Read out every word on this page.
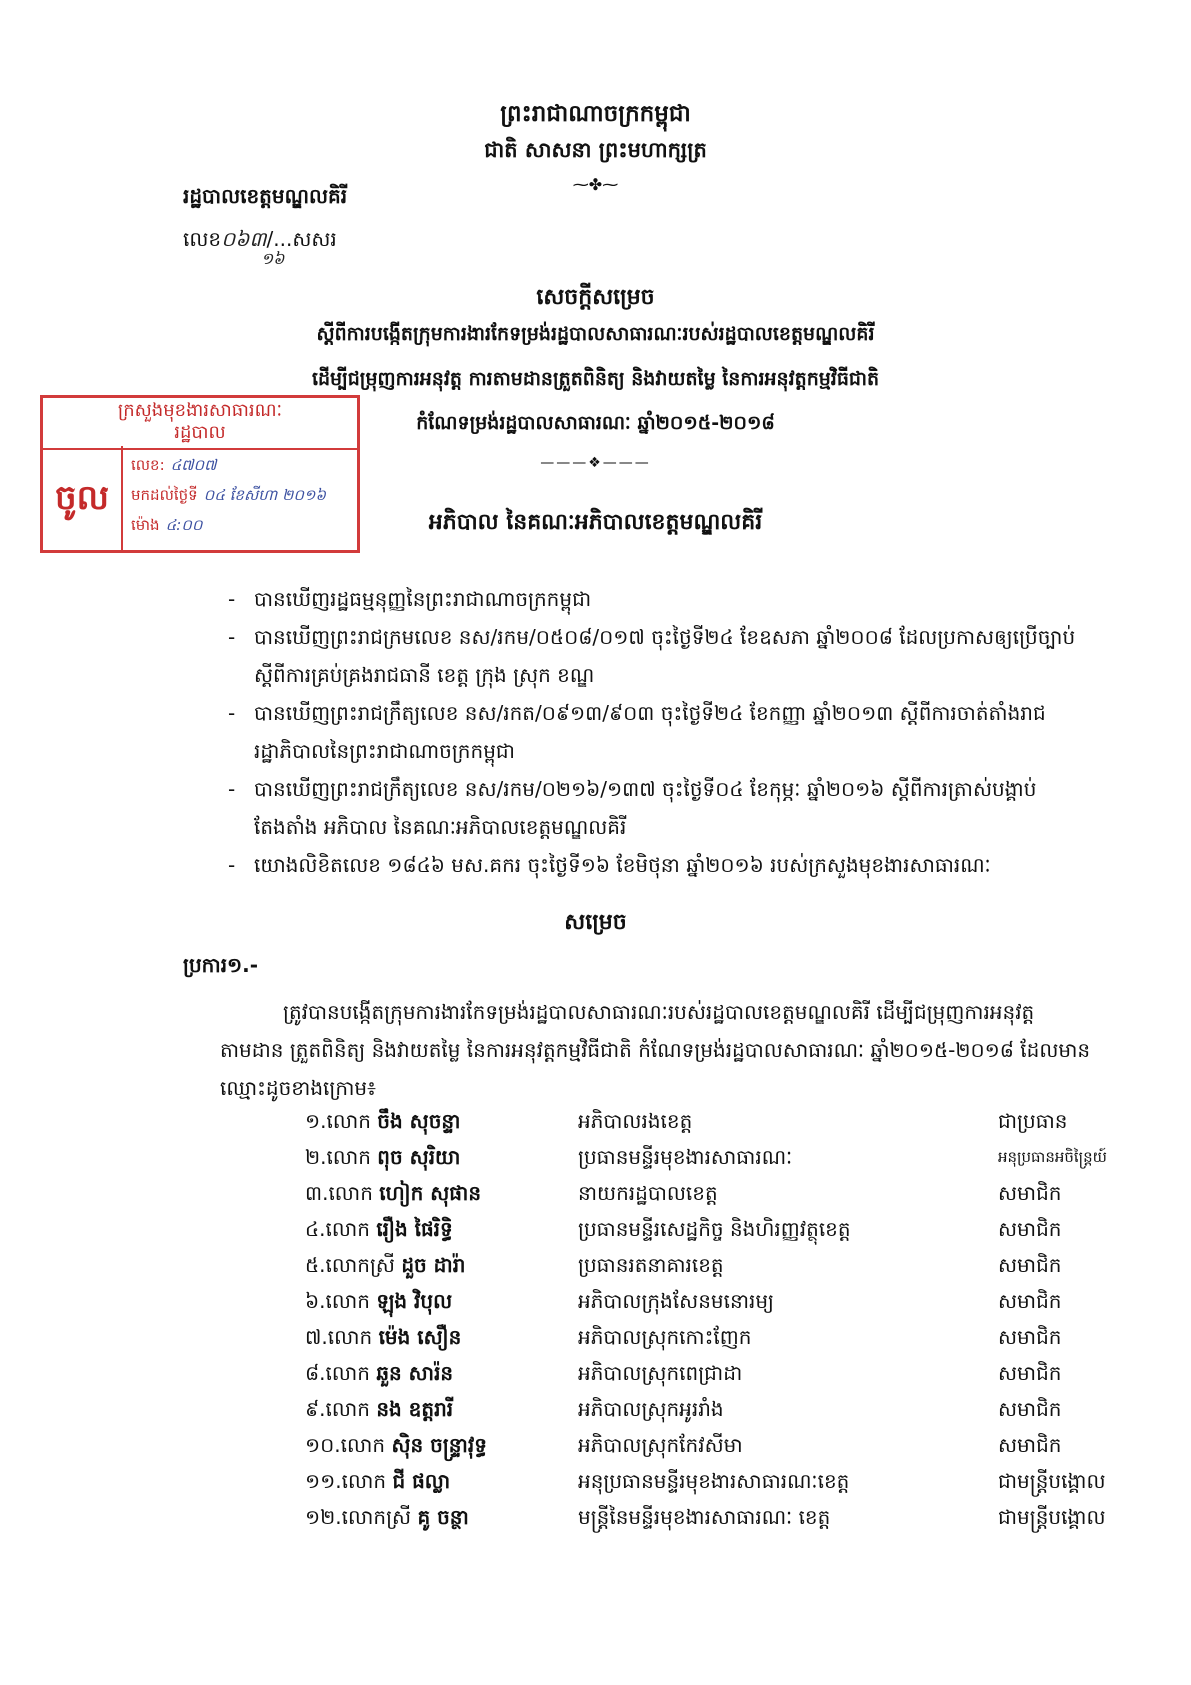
ព្រះរាជាណាចក្រកម្ពុជា
ជាតិ សាសនា ព្រះមហាក្សត្រ
⁓✤⁓
រដ្ឋបាលខេត្តមណ្ឌលគិរី
លេខ០៦៣/...សសរ
១៦
ក្រសួងមុខងារសាធារណៈ
រដ្ឋបាល
ចូល
លេខ: ៤៧០៧
មកដល់ថ្ងៃទី ០៤ ខែសីហា ២០១៦
ម៉ោង ៤:០០
សេចក្តីសម្រេច
ស្តីពីការបង្កើតក្រុមការងារកែទម្រង់រដ្ឋបាលសាធារណៈរបស់រដ្ឋបាលខេត្តមណ្ឌលគិរី
ដើម្បីជម្រុញការអនុវត្ត ការតាមដានត្រួតពិនិត្យ និងវាយតម្លៃ នៃការអនុវត្តកម្មវិធីជាតិ
កំណែទម្រង់រដ្ឋបាលសាធារណៈ ឆ្នាំ២០១៥-២០១៨
———❖———
អភិបាល នៃគណៈអភិបាលខេត្តមណ្ឌលគិរី
- បានឃើញរដ្ឋធម្មនុញ្ញនៃព្រះរាជាណាចក្រកម្ពុជា
- បានឃើញព្រះរាជក្រមលេខ នស/រកម/០៥០៨/០១៧ ចុះថ្ងៃទី២៤ ខែឧសភា ឆ្នាំ២០០៨ ដែលប្រកាសឲ្យប្រើច្បាប់ស្តីពីការគ្រប់គ្រងរាជធានី ខេត្ត ក្រុង ស្រុក ខណ្ឌ
- បានឃើញព្រះរាជក្រឹត្យលេខ នស/រកត/០៩១៣/៩០៣ ចុះថ្ងៃទី២៤ ខែកញ្ញា ឆ្នាំ២០១៣ ស្តីពីការចាត់តាំងរាជរដ្ឋាភិបាលនៃព្រះរាជាណាចក្រកម្ពុជា
- បានឃើញព្រះរាជក្រឹត្យលេខ នស/រកម/០២១៦/១៣៧ ចុះថ្ងៃទី០៤ ខែកុម្ភៈ ឆ្នាំ២០១៦ ស្តីពីការត្រាស់បង្គាប់តែងតាំង អភិបាល នៃគណៈអភិបាលខេត្តមណ្ឌលគិរី
- យោងលិខិតលេខ ១៨៤៦ មស.គករ ចុះថ្ងៃទី១៦ ខែមិថុនា ឆ្នាំ២០១៦ របស់ក្រសួងមុខងារសាធារណៈ
សម្រេច
ប្រការ១.-

ត្រូវបានបង្កើតក្រុមការងារកែទម្រង់រដ្ឋបាលសាធារណៈរបស់រដ្ឋបាលខេត្តមណ្ឌលគិរី ដើម្បីជម្រុញការអនុវត្ត តាមដាន ត្រួតពិនិត្យ និងវាយតម្លៃ នៃការអនុវត្តកម្មវិធីជាតិ កំណែទម្រង់រដ្ឋបាលសាធារណៈ ឆ្នាំ២០១៥-២០១៨ ដែលមានឈ្មោះដូចខាងក្រោម៖

១.លោក ចឹង សុចន្ទា	អភិបាលរងខេត្ត	ជាប្រធាន
២.លោក ពុច សុរិយា	ប្រធានមន្ទីរមុខងារសាធារណៈ	អនុប្រធានអចិន្ត្រៃយ៍
៣.លោក ហៀក សុផាន	នាយករដ្ឋបាលខេត្ត	សមាជិក
៤.លោក រឿង ផៃរិទ្ធិ	ប្រធានមន្ទីរសេដ្ឋកិច្ច និងហិរញ្ញវត្ថុខេត្ត	សមាជិក
៥.លោកស្រី ដួច ដារ៉ា	ប្រធានរតនាគារខេត្ត	សមាជិក
៦.លោក ឡុង វិបុល	អភិបាលក្រុងសែនមនោរម្យ	សមាជិក
៧.លោក ម៉េង សឿន	អភិបាលស្រុកកោះញែក	សមាជិក
៨.លោក ឆួន សារ៉ន	អភិបាលស្រុកពេជ្រាដា	សមាជិក
៩.លោក នង ឧត្តរារី	អភិបាលស្រុកអូររាំង	សមាជិក
១០.លោក ស៊ិន ចន្ទ្រាវុទ្ធ	អភិបាលស្រុកកែវសីមា	សមាជិក
១១.លោក ជី ផល្លា	អនុប្រធានមន្ទីរមុខងារសាធារណៈខេត្ត	ជាមន្ត្រីបង្គោល
១២.លោកស្រី គូ ចន្ថា	មន្ត្រីនៃមន្ទីរមុខងារសាធារណៈ ខេត្ត	ជាមន្ត្រីបង្គោល
